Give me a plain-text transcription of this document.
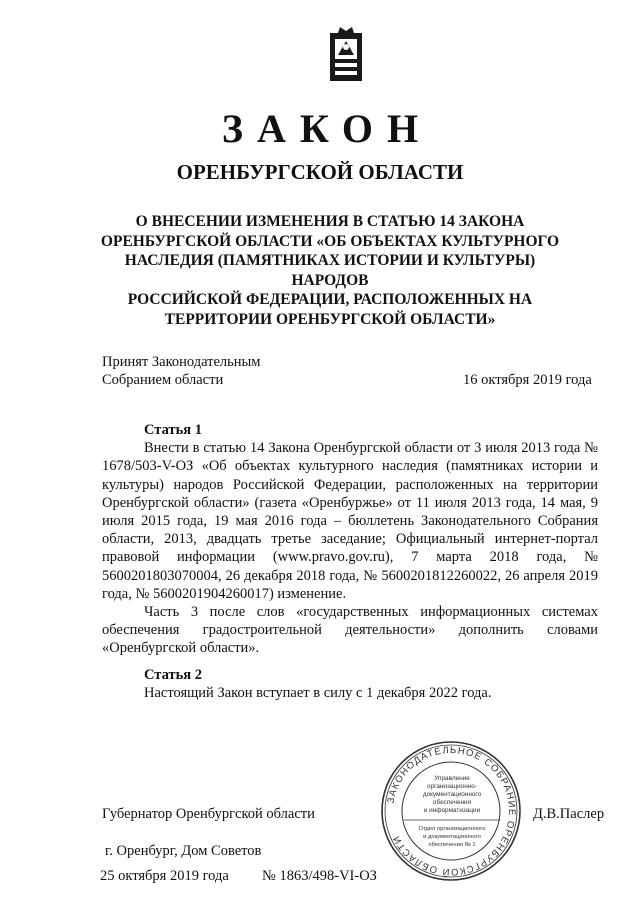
ЗАКОН
ОРЕНБУРГСКОЙ ОБЛАСТИ
О ВНЕСЕНИИ ИЗМЕНЕНИЯ В СТАТЬЮ 14 ЗАКОНА
ОРЕНБУРГСКОЙ ОБЛАСТИ «ОБ ОБЪЕКТАХ КУЛЬТУРНОГО
НАСЛЕДИЯ (ПАМЯТНИКАХ ИСТОРИИ И КУЛЬТУРЫ) НАРОДОВ
РОССИЙСКОЙ ФЕДЕРАЦИИ, РАСПОЛОЖЕННЫХ НА
ТЕРРИТОРИИ ОРЕНБУРГСКОЙ ОБЛАСТИ»
Принят Законодательным
Собранием области	16 октября 2019 года
Статья 1

Внести в статью 14 Закона Оренбургской области от 3 июля 2013 года № 1678/503-V-ОЗ «Об объектах культурного наследия (памятниках истории и культуры) народов Российской Федерации, расположенных на территории Оренбургской области» (газета «Оренбуржье» от 11 июля 2013 года, 14 мая, 9 июля 2015 года, 19 мая 2016 года – бюллетень Законодательного Собрания области, 2013, двадцать третье заседание; Официальный интернет-портал правовой информации (www.pravo.gov.ru), 7 марта 2018 года, № 5600201803070004, 26 декабря 2018 года, № 5600201812260022, 26 апреля 2019 года, № 5600201904260017) изменение.

Часть 3 после слов «государственных информационных системах обеспечения градостроительной деятельности» дополнить словами «Оренбургской области».

Статья 2

Настоящий Закон вступает в силу с 1 декабря 2022 года.

ЗАКОНОДАТЕЛЬНОЕ СОБРАНИЕ ОРЕНБУРГСКОЙ ОБЛАСТИ
Управление
организационно-
документационного
обеспечения
и информатизации
Отдел организационного
и документационного
обеспечения № 1
Губернатор Оренбургской области	Д.В.Паслер
г. Оренбург, Дом Советов
25 октября 2019 года № 1863/498-VI-ОЗ
